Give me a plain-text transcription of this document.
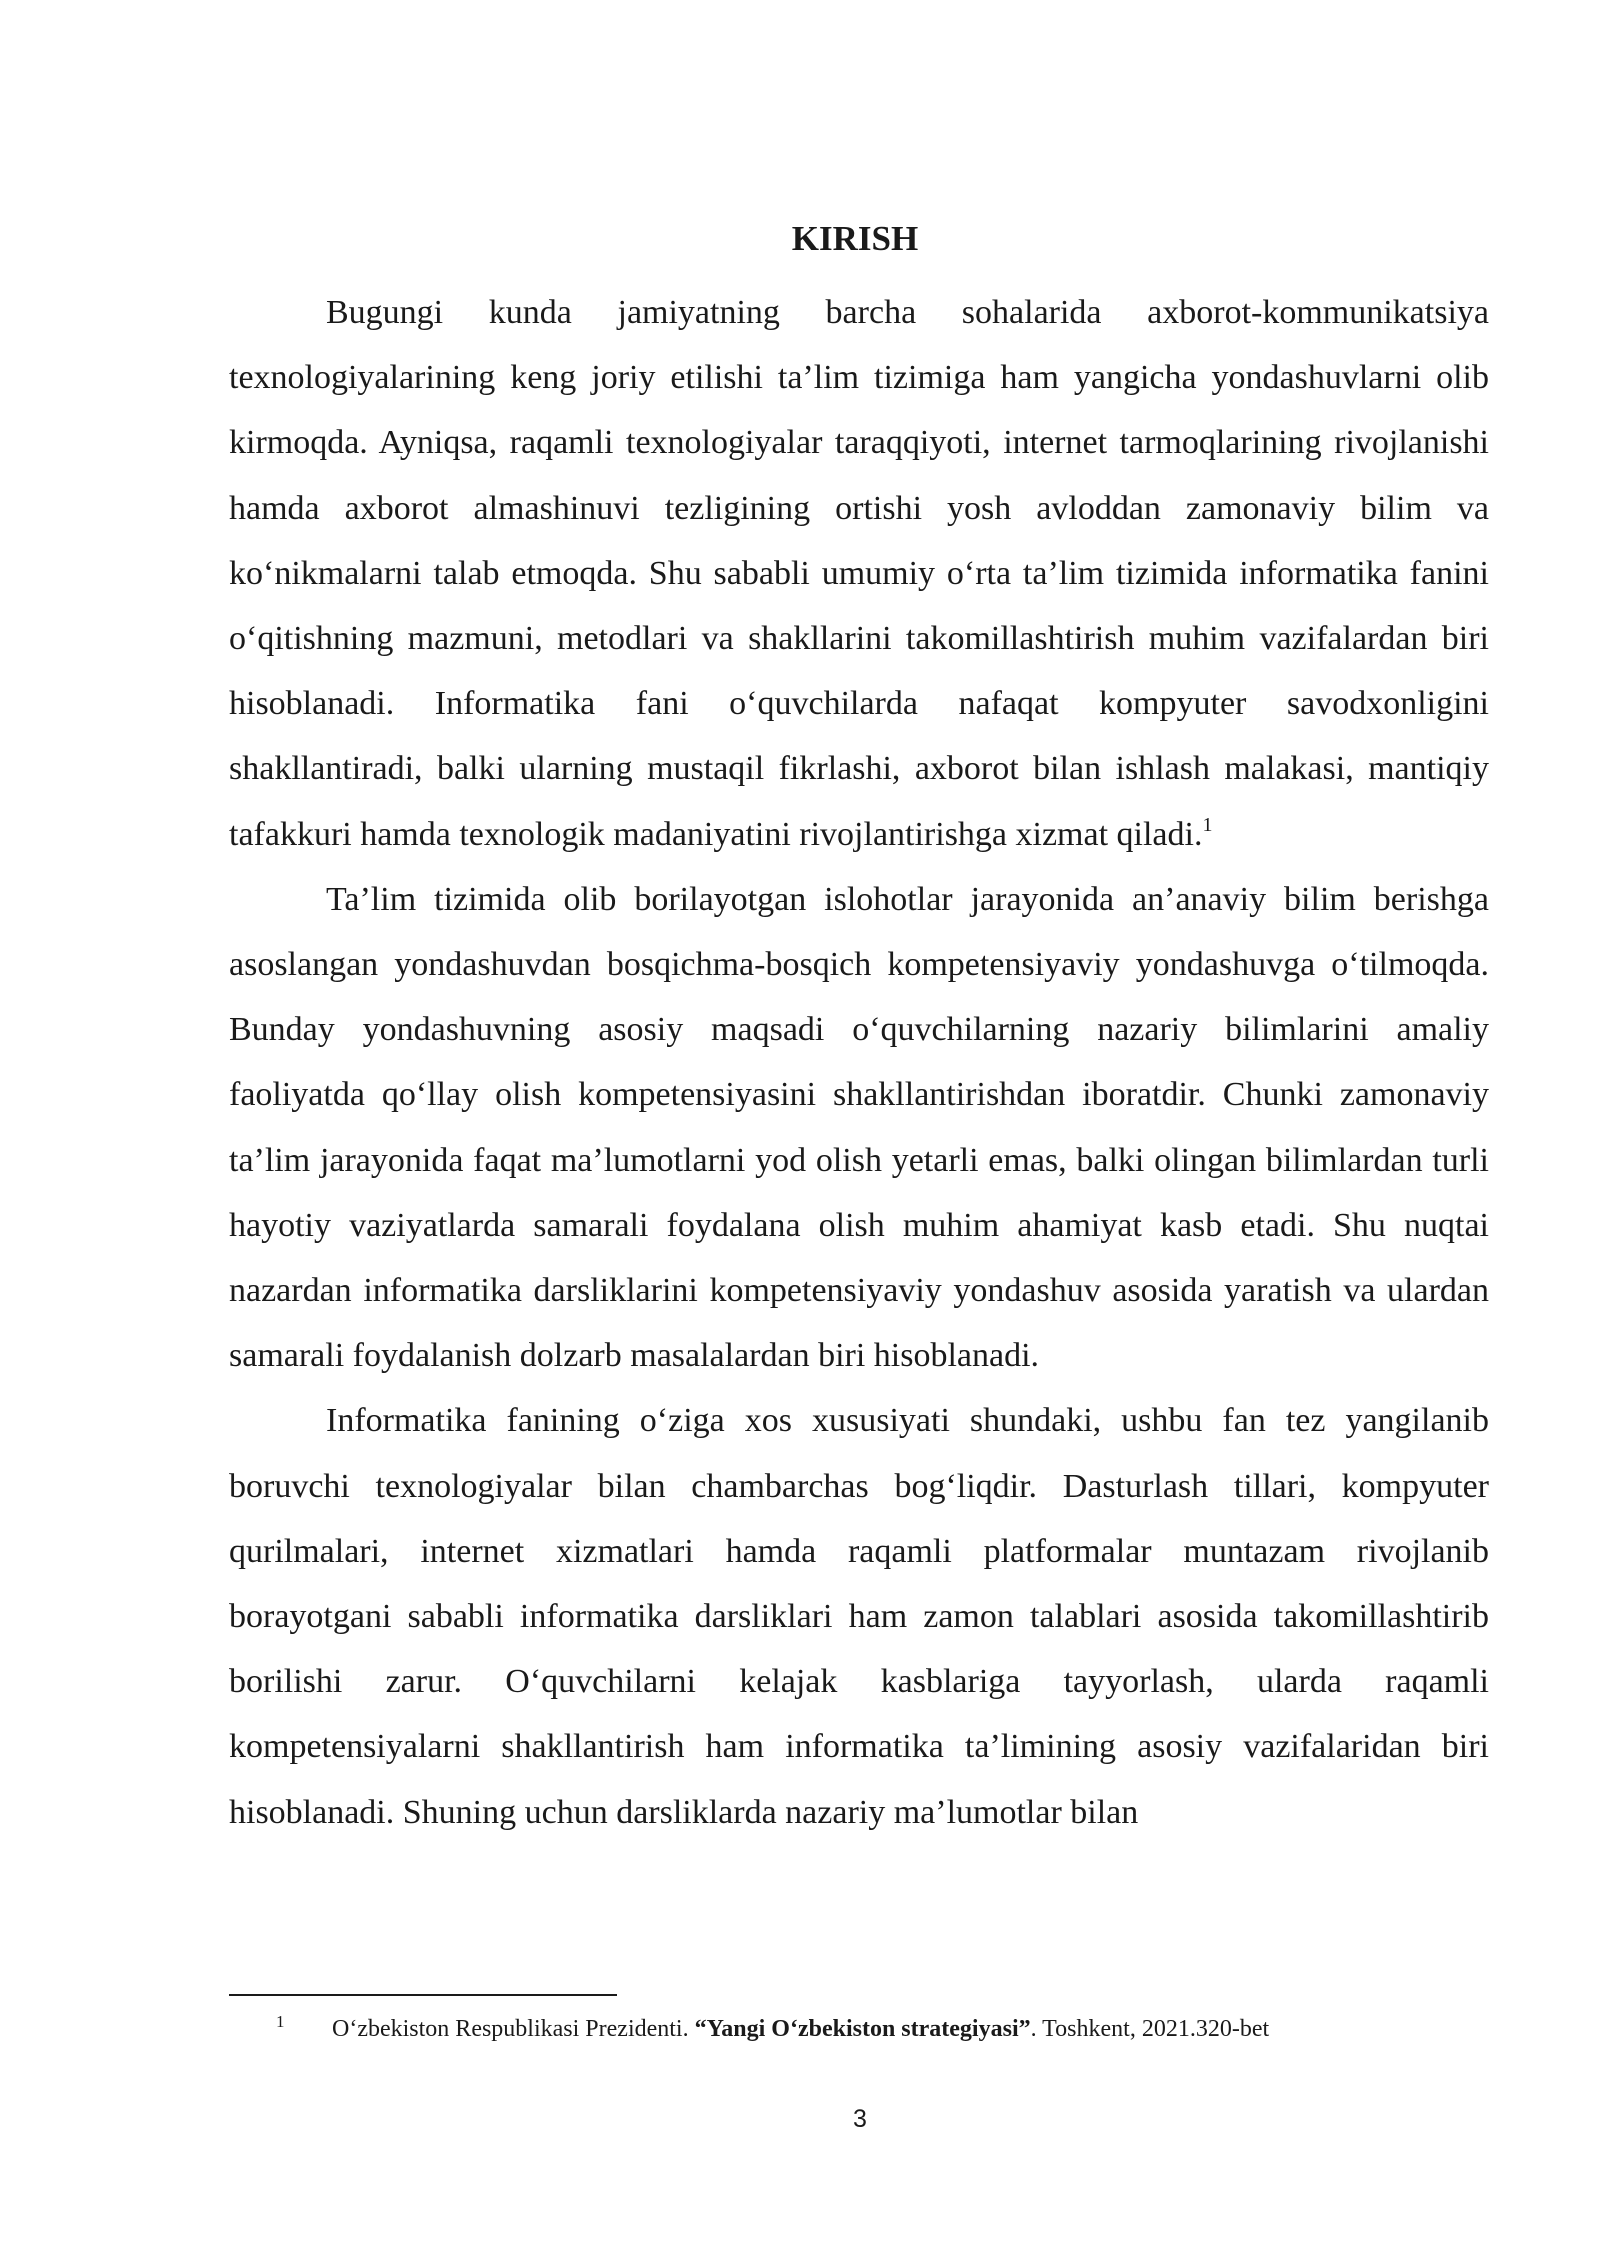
KIRISH

Bugungi kunda jamiyatning barcha sohalarida axborot-kommunikatsiya texnologiyalarining keng joriy etilishi ta’lim tizimiga ham yangicha yondashuvlarni olib kirmoqda. Ayniqsa, raqamli texnologiyalar taraqqiyoti, internet tarmoqlarining rivojlanishi hamda axborot almashinuvi tezligining ortishi yosh avloddan zamonaviy bilim va koʻnikmalarni talab etmoqda. Shu sababli umumiy oʻrta ta’lim tizimida informatika fanini oʻqitishning mazmuni, metodlari va shakllarini takomillashtirish muhim vazifalardan biri hisoblanadi. Informatika fani oʻquvchilarda nafaqat kompyuter savodxonligini shakllantiradi, balki ularning mustaqil fikrlashi, axborot bilan ishlash malakasi, mantiqiy tafakkuri hamda texnologik madaniyatini rivojlantirishga xizmat qiladi.$^1$

Ta’lim tizimida olib borilayotgan islohotlar jarayonida an’anaviy bilim berishga asoslangan yondashuvdan bosqichma-bosqich kompetensiyaviy yondashuvga oʻtilmoqda. Bunday yondashuvning asosiy maqsadi oʻquvchilarning nazariy bilimlarini amaliy faoliyatda qoʻllay olish kompetensiyasini shakllantirishdan iboratdir. Chunki zamonaviy ta’lim jarayonida faqat ma’lumotlarni yod olish yetarli emas, balki olingan bilimlardan turli hayotiy vaziyatlarda samarali foydalana olish muhim ahamiyat kasb etadi. Shu nuqtai nazardan informatika darsliklarini kompetensiyaviy yondashuv asosida yaratish va ulardan samarali foydalanish dolzarb masalalardan biri hisoblanadi.

Informatika fanining oʻziga xos xususiyati shundaki, ushbu fan tez yangilanib boruvchi texnologiyalar bilan chambarchas bogʻliqdir. Dasturlash tillari, kompyuter qurilmalari, internet xizmatlari hamda raqamli platformalar muntazam rivojlanib borayotgani sababli informatika darsliklari ham zamon talablari asosida takomillashtirib borilishi zarur. Oʻquvchilarni kelajak kasblariga tayyorlash, ularda raqamli kompetensiyalarni shakllantirish ham informatika ta’limining asosiy vazifalaridan biri hisoblanadi. Shuning uchun darsliklarda nazariy ma’lumotlar bilan

$^1$ Oʻzbekiston Respublikasi Prezidenti. “Yangi Oʻzbekiston strategiyasi”. Toshkent, 2021.320-bet

3
